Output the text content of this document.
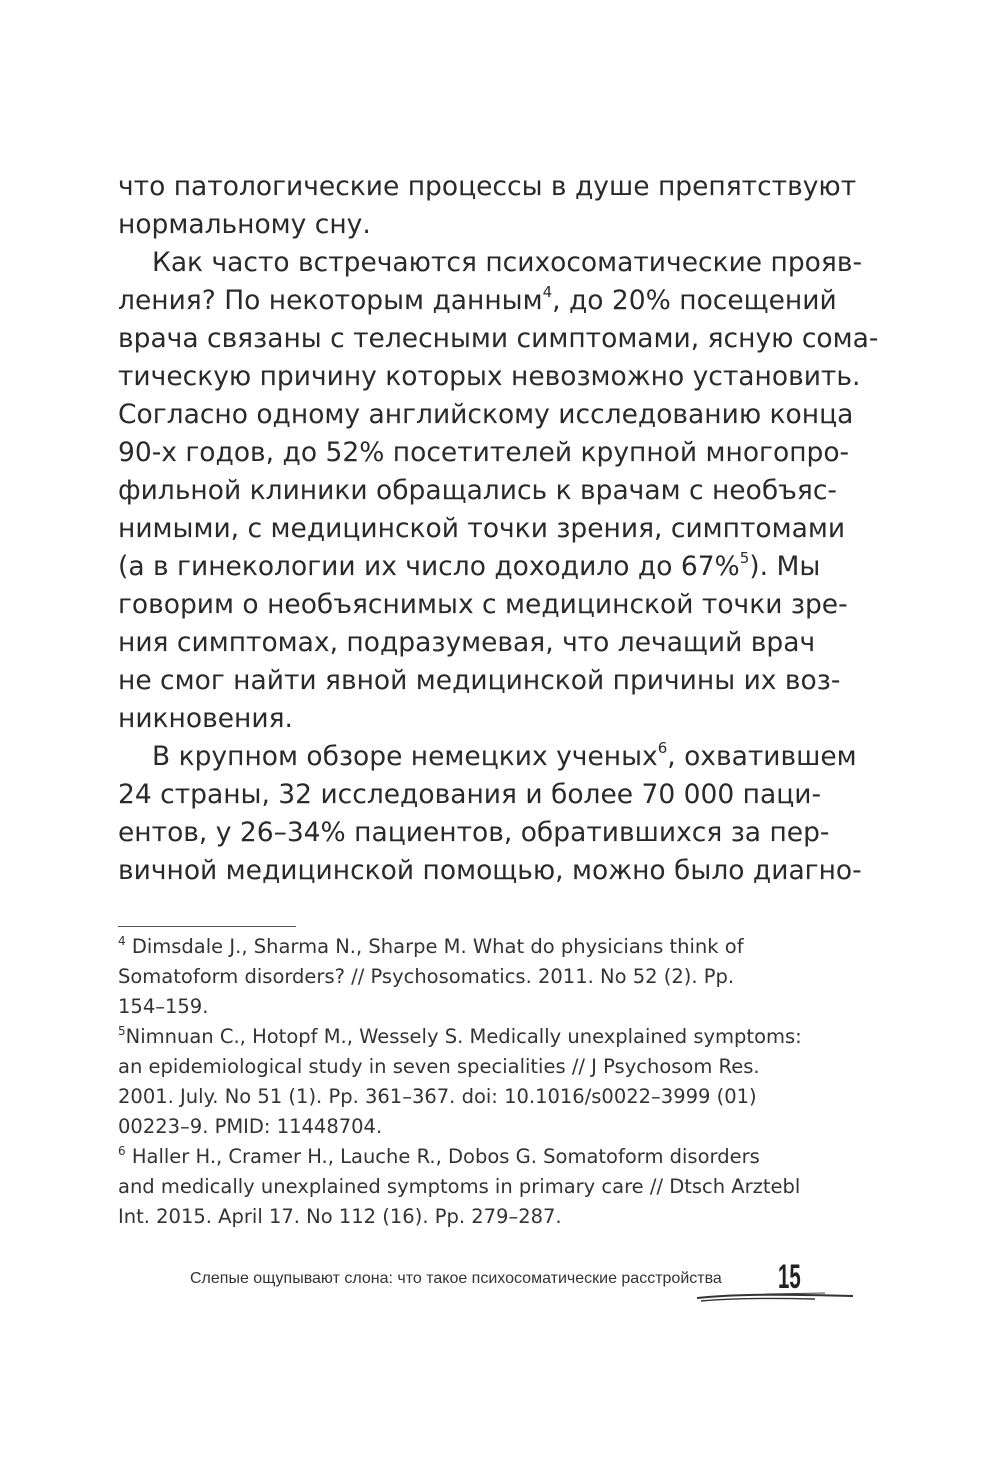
что патологические процессы в душе препятствуют
нормальному сну.
Как часто встречаются психосоматические прояв-
ления? По некоторым данным$^4$, до 20% посещений
врача связаны с телесными симптомами, ясную сома-
тическую причину которых невозможно установить.
Согласно одному английскому исследованию конца
90-х годов, до 52% посетителей крупной многопро-
фильной клиники обращались к врачам с необъяс-
нимыми, с медицинской точки зрения, симптомами
(а в гинекологии их число доходило до 67%$^5$). Мы
говорим о необъяснимых с медицинской точки зре-
ния симптомах, подразумевая, что лечащий врач
не смог найти явной медицинской причины их воз-
никновения.
В крупном обзоре немецких ученых$^6$, охватившем
24 страны, 32 исследования и более 70 000 паци-
ентов, у 26–34% пациентов, обратившихся за пер-
вичной медицинской помощью, можно было диагно-
$^4$ Dimsdale J., Sharma N., Sharpe M. What do physicians think of
Somatoform disorders? // Psychosomatics. 2011. No 52 (2). Pp.
154–159.
$^5$Nimnuan C., Hotopf M., Wessely S. Medically unexplained symptoms:
an epidemiological study in seven specialities // J Psychosom Res.
2001. July. No 51 (1). Pp. 361–367. doi: 10.1016/s0022–3999 (01)
00223–9. PMID: 11448704.
$^6$ Haller H., Cramer H., Lauche R., Dobos G. Somatoform disorders
and medically unexplained symptoms in primary care // Dtsch Arztebl
Int. 2015. April 17. No 112 (16). Pp. 279–287.
Слепые ощупывают слона: что такое психосоматические расстройства 15
